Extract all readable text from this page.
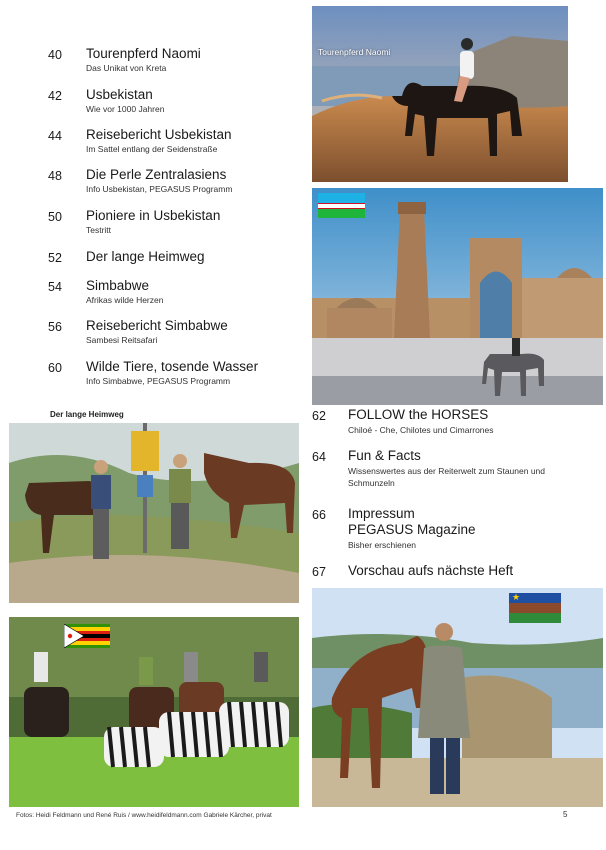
40 Tourenpferd Naomi
Das Unikat von Kreta
42 Usbekistan
Wie vor 1000 Jahren
44 Reisebericht Usbekistan
Im Sattel entlang der Seidenstraße
48 Die Perle Zentralasiens
Info Usbekistan, PEGASUS Programm
50 Pioniere in Usbekistan
Testritt
52 Der lange Heimweg
54 Simbabwe
Afrikas wilde Herzen
56 Reisebericht Simbabwe
Sambesi Reitsafari
60 Wilde Tiere, tosende Wasser
Info Simbabwe, PEGASUS Programm
Tourenpferd Naomi
Der lange Heimweg	62 FOLLOW the HORSES
Chiloé - Che, Chilotes und Cimarrones
64 Fun & Facts
Wissenswertes aus der Reiterwelt zum Staunen und Schmunzeln
66 Impressum
PEGASUS Magazine
Bisher erschienen
67 Vorschau aufs nächste Heft
★
Fotos: Heidi Feldmann und René Ruis / www.heidifeldmann.com Gabriele Kärcher, privat	5
